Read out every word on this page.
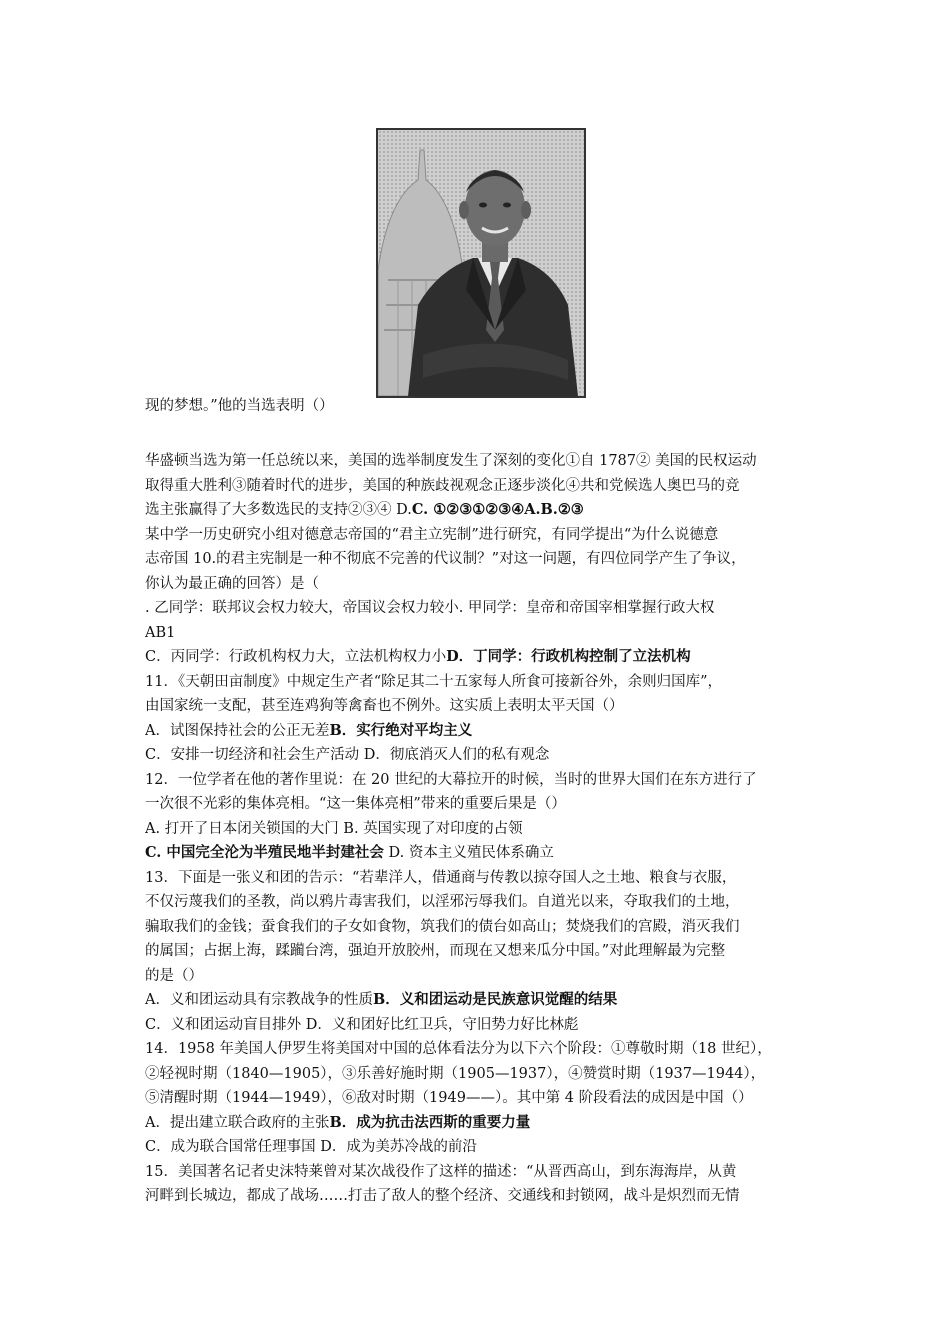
现的梦想。”他的当选表明（）
华盛顿当选为第一任总统以来，美国的选举制度发生了深刻的变化①自 1787② 美国的民权运动
取得重大胜利③随着时代的进步，美国的种族歧视观念正逐步淡化④共和党候选人奥巴马的竞
选主张赢得了大多数选民的支持②③④ D.C. ①②③①②③④A.B.②③
某中学一历史研究小组对德意志帝国的“君主立宪制”进行研究，有同学提出“为什么说德意
志帝国 10.的君主宪制是一种不彻底不完善的代议制？”对这一问题，有四位同学产生了争议，
你认为最正确的回答）是（
. 乙同学：联邦议会权力较大，帝国议会权力较小. 甲同学：皇帝和帝国宰相掌握行政大权
AB1
C．丙同学：行政机构权力大，立法机构权力小D．丁同学：行政机构控制了立法机构
11．《天朝田亩制度》中规定生产者“除足其二十五家每人所食可接新谷外，余则归国库”，
由国家统一支配，甚至连鸡狗等禽畜也不例外。这实质上表明太平天国（）
A．试图保持社会的公正无差B．实行绝对平均主义
C．安排一切经济和社会生产活动 D．彻底消灭人们的私有观念
12．一位学者在他的著作里说：在 20 世纪的大幕拉开的时候，当时的世界大国们在东方进行了
一次很不光彩的集体亮相。“这一集体亮相”带来的重要后果是（）
A. 打开了日本闭关锁国的大门 B. 英国实现了对印度的占领
C. 中国完全沦为半殖民地半封建社会 D. 资本主义殖民体系确立
13．下面是一张义和团的告示：“若辈洋人，借通商与传教以掠夺国人之土地、粮食与衣服，
不仅污蔑我们的圣教，尚以鸦片毒害我们，以淫邪污辱我们。自道光以来，夺取我们的土地，
骗取我们的金钱；蚕食我们的子女如食物，筑我们的债台如高山；焚烧我们的宫殿，消灭我们
的属国；占据上海，蹂躏台湾，强迫开放胶州，而现在又想来瓜分中国。”对此理解最为完整
的是（）
A．义和团运动具有宗教战争的性质B．义和团运动是民族意识觉醒的结果
C．义和团运动盲目排外 D．义和团好比红卫兵，守旧势力好比林彪
14．1958 年美国人伊罗生将美国对中国的总体看法分为以下六个阶段：①尊敬时期（18 世纪），
②轻视时期（1840—1905），③乐善好施时期（1905—1937），④赞赏时期（1937—1944），
⑤清醒时期（1944—1949），⑥敌对时期（1949——）。其中第 4 阶段看法的成因是中国（）
A．提出建立联合政府的主张B．成为抗击法西斯的重要力量
C．成为联合国常任理事国 D．成为美苏冷战的前沿
15．美国著名记者史沫特莱曾对某次战役作了这样的描述：“从晋西高山，到东海海岸，从黄
河畔到长城边，都成了战场……打击了敌人的整个经济、交通线和封锁网，战斗是炽烈而无情
